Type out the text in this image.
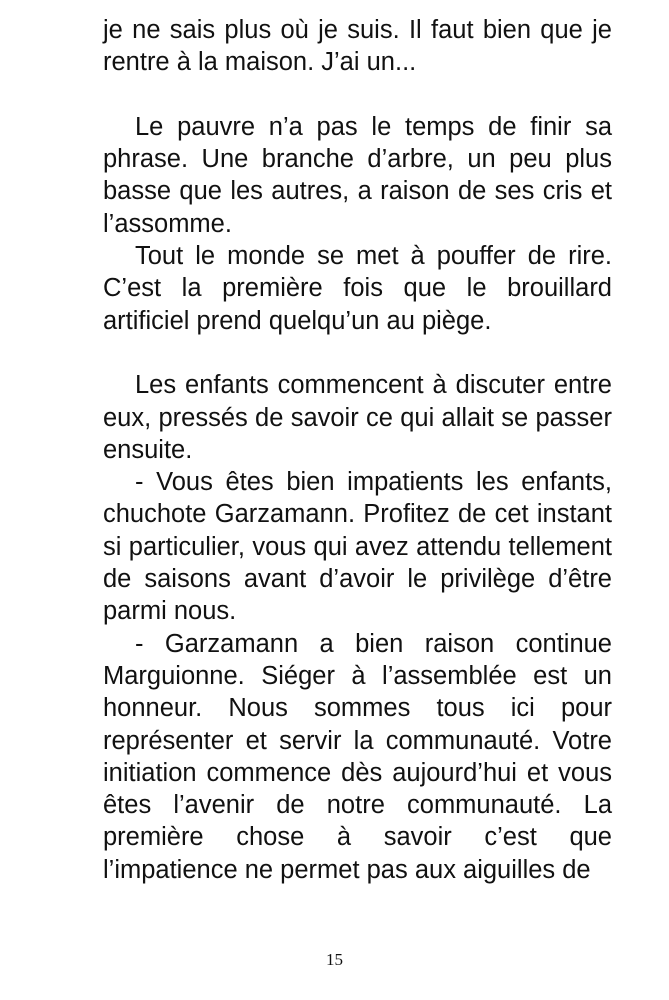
je ne sais plus où je suis. Il faut bien que je rentre à la maison. J’ai un...

Le pauvre n’a pas le temps de finir sa phrase. Une branche d’arbre, un peu plus basse que les autres, a raison de ses cris et l’assomme.

Tout le monde se met à pouffer de rire. C’est la première fois que le brouillard artificiel prend quelqu’un au piège.

Les enfants commencent à discuter entre eux, pressés de savoir ce qui allait se passer ensuite.

- Vous êtes bien impatients les enfants, chuchote Garzamann. Profitez de cet instant si particulier, vous qui avez attendu tellement de saisons avant d’avoir le privilège d’être parmi nous.

- Garzamann a bien raison continue Marguionne. Siéger à l’assemblée est un honneur. Nous sommes tous ici pour représenter et servir la communauté. Votre initiation commence dès aujourd’hui et vous êtes l’avenir de notre communauté. La première chose à savoir c’est que l’impatience ne permet pas aux aiguilles de

15
